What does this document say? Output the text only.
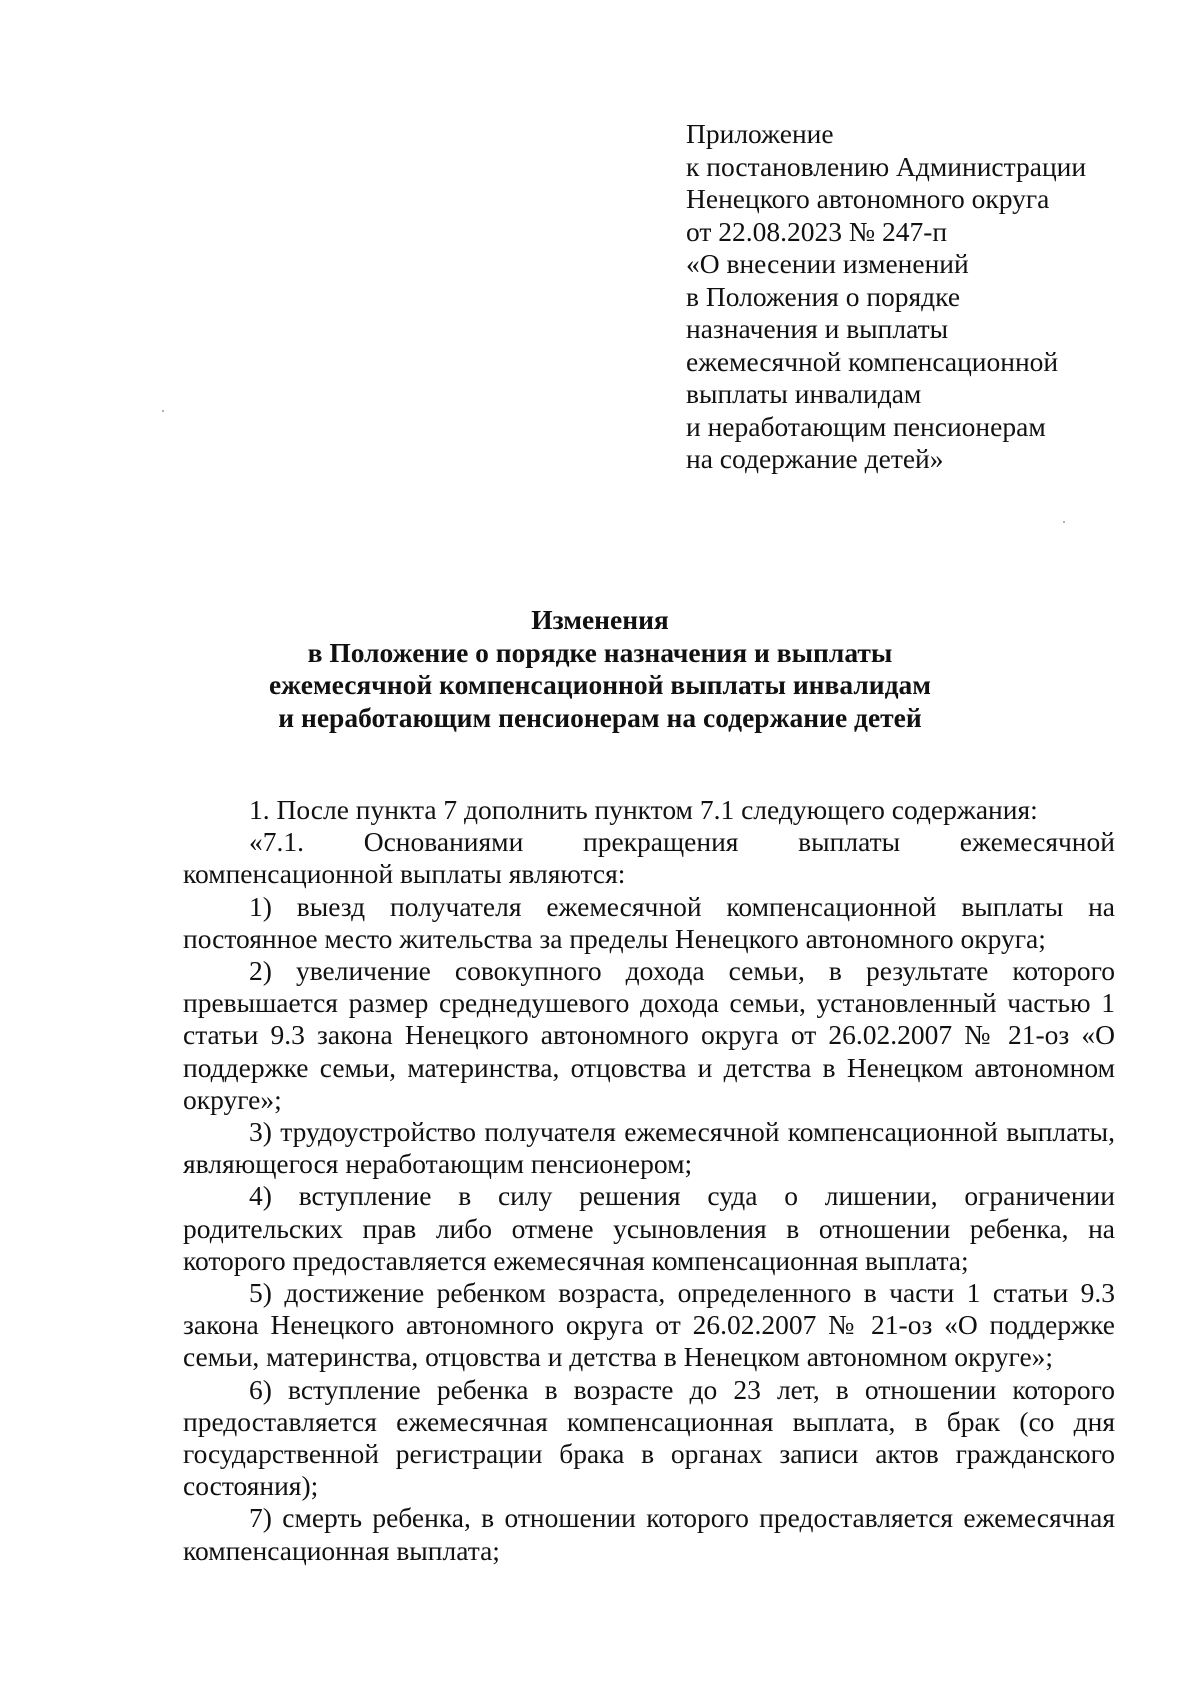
Приложение
к постановлению Администрации
Ненецкого автономного округа
от 22.08.2023 № 247-п
«О внесении изменений
в Положения о порядке
назначения и выплаты
ежемесячной компенсационной
выплаты инвалидам
и неработающим пенсионерам
на содержание детей»
Изменения
в Положение о порядке назначения и выплаты
ежемесячной компенсационной выплаты инвалидам
и неработающим пенсионерам на содержание детей

1. После пункта 7 дополнить пунктом 7.1 следующего содержания:

«7.1. Основаниями прекращения выплаты ежемесячной компенсационной выплаты являются:

1) выезд получателя ежемесячной компенсационной выплаты на постоянное место жительства за пределы Ненецкого автономного округа;

2) увеличение совокупного дохода семьи, в результате которого превышается размер среднедушевого дохода семьи, установленный частью 1 статьи 9.3 закона Ненецкого автономного округа от 26.02.2007 № 21-оз «О поддержке семьи, материнства, отцовства и детства в Ненецком автономном округе»;

3) трудоустройство получателя ежемесячной компенсационной выплаты, являющегося неработающим пенсионером;

4) вступление в силу решения суда о лишении, ограничении родительских прав либо отмене усыновления в отношении ребенка, на которого предоставляется ежемесячная компенсационная выплата;

5) достижение ребенком возраста, определенного в части 1 статьи 9.3 закона Ненецкого автономного округа от 26.02.2007 № 21-оз «О поддержке семьи, материнства, отцовства и детства в Ненецком автономном округе»;

6) вступление ребенка в возрасте до 23 лет, в отношении которого предоставляется ежемесячная компенсационная выплата, в брак (со дня государственной регистрации брака в органах записи актов гражданского состояния);

7) смерть ребенка, в отношении которого предоставляется ежемесячная компенсационная выплата;
